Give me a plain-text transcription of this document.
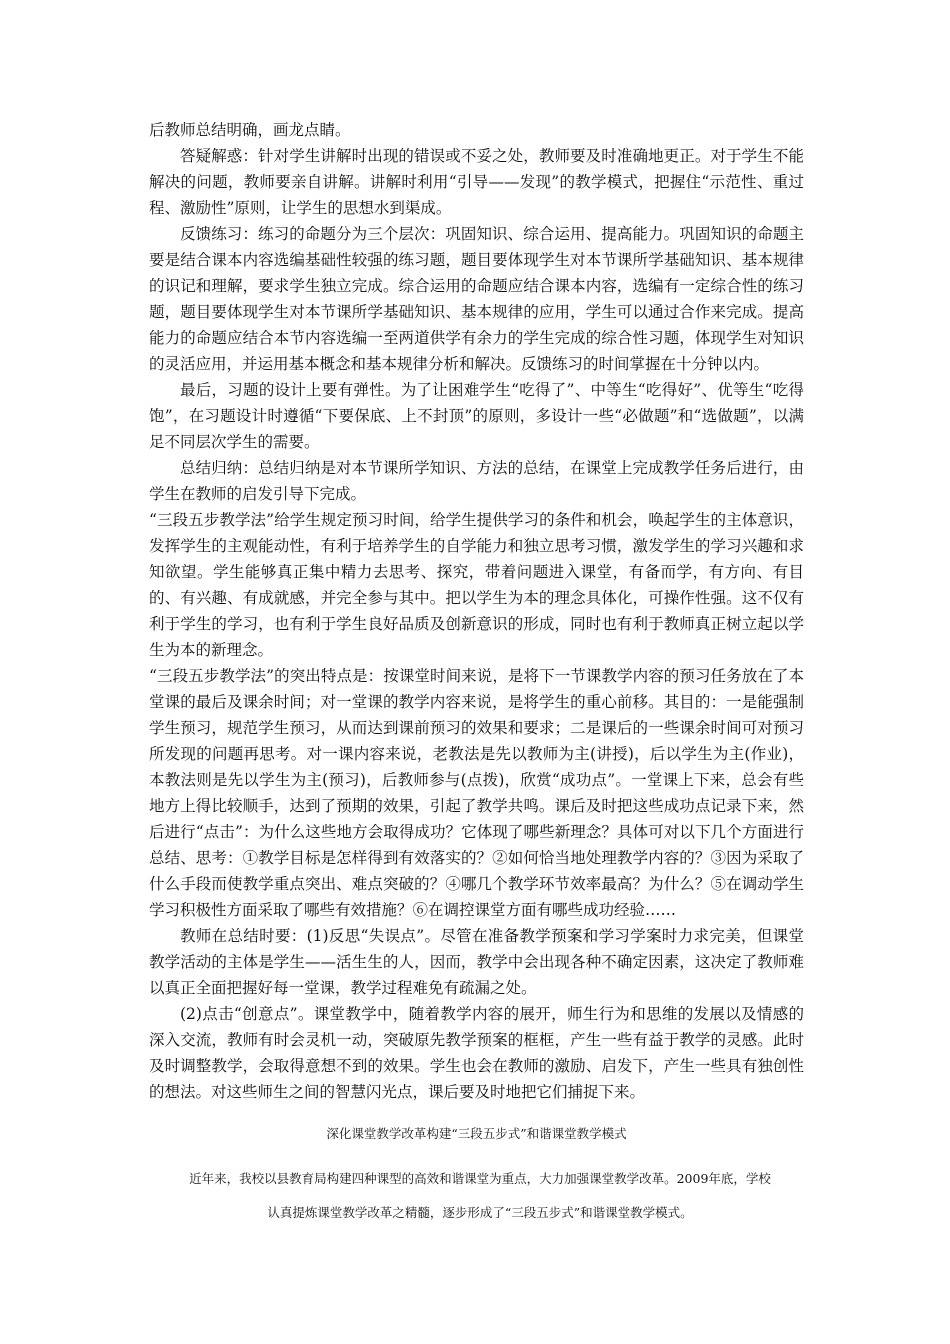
后教师总结明确，画龙点睛。

答疑解惑：针对学生讲解时出现的错误或不妥之处，教师要及时准确地更正。对于学生不能解决的问题，教师要亲自讲解。讲解时利用“引导——发现”的教学模式，把握住“示范性、重过程、激励性”原则，让学生的思想水到渠成。

反馈练习：练习的命题分为三个层次：巩固知识、综合运用、提高能力。巩固知识的命题主要是结合课本内容选编基础性较强的练习题，题目要体现学生对本节课所学基础知识、基本规律的识记和理解，要求学生独立完成。综合运用的命题应结合课本内容，选编有一定综合性的练习题，题目要体现学生对本节课所学基础知识、基本规律的应用，学生可以通过合作来完成。提高能力的命题应结合本节内容选编一至两道供学有余力的学生完成的综合性习题，体现学生对知识的灵活应用，并运用基本概念和基本规律分析和解决。反馈练习的时间掌握在十分钟以内。

最后，习题的设计上要有弹性。为了让困难学生“吃得了”、中等生“吃得好”、优等生“吃得饱”，在习题设计时遵循“下要保底、上不封顶”的原则，多设计一些“必做题”和“选做题”，以满足不同层次学生的需要。

总结归纳：总结归纳是对本节课所学知识、方法的总结，在课堂上完成教学任务后进行，由学生在教师的启发引导下完成。

“三段五步教学法”给学生规定预习时间，给学生提供学习的条件和机会，唤起学生的主体意识，发挥学生的主观能动性，有利于培养学生的自学能力和独立思考习惯，激发学生的学习兴趣和求知欲望。学生能够真正集中精力去思考、探究，带着问题进入课堂，有备而学，有方向、有目的、有兴趣、有成就感，并完全参与其中。把以学生为本的理念具体化，可操作性强。这不仅有利于学生的学习，也有利于学生良好品质及创新意识的形成，同时也有利于教师真正树立起以学生为本的新理念。

“三段五步教学法”的突出特点是：按课堂时间来说，是将下一节课教学内容的预习任务放在了本堂课的最后及课余时间；对一堂课的教学内容来说，是将学生的重心前移。其目的：一是能强制学生预习，规范学生预习，从而达到课前预习的效果和要求；二是课后的一些课余时间可对预习所发现的问题再思考。对一课内容来说，老教法是先以教师为主(讲授)，后以学生为主(作业)，本教法则是先以学生为主(预习)，后教师参与(点拨)，欣赏“成功点”。一堂课上下来，总会有些地方上得比较顺手，达到了预期的效果，引起了教学共鸣。课后及时把这些成功点记录下来，然后进行“点击”：为什么这些地方会取得成功？它体现了哪些新理念？具体可对以下几个方面进行总结、思考：①教学目标是怎样得到有效落实的？②如何恰当地处理教学内容的？③因为采取了什么手段而使教学重点突出、难点突破的？④哪几个教学环节效率最高？为什么？⑤在调动学生学习积极性方面采取了哪些有效措施？⑥在调控课堂方面有哪些成功经验……

教师在总结时要：(1)反思“失误点”。尽管在准备教学预案和学习学案时力求完美，但课堂教学活动的主体是学生——活生生的人，因而，教学中会出现各种不确定因素，这决定了教师难以真正全面把握好每一堂课，教学过程难免有疏漏之处。

(2)点击“创意点”。课堂教学中，随着教学内容的展开，师生行为和思维的发展以及情感的深入交流，教师有时会灵机一动，突破原先教学预案的框框，产生一些有益于教学的灵感。此时及时调整教学，会取得意想不到的效果。学生也会在教师的激励、启发下，产生一些具有独创性的想法。对这些师生之间的智慧闪光点，课后要及时地把它们捕捉下来。

深化课堂教学改革构建“三段五步式”和谐课堂教学模式

近年来，我校以县教育局构建四种课型的高效和谐课堂为重点，大力加强课堂教学改革。2009年底，学校

认真提炼课堂教学改革之精髓，逐步形成了“三段五步式”和谐课堂教学模式。
